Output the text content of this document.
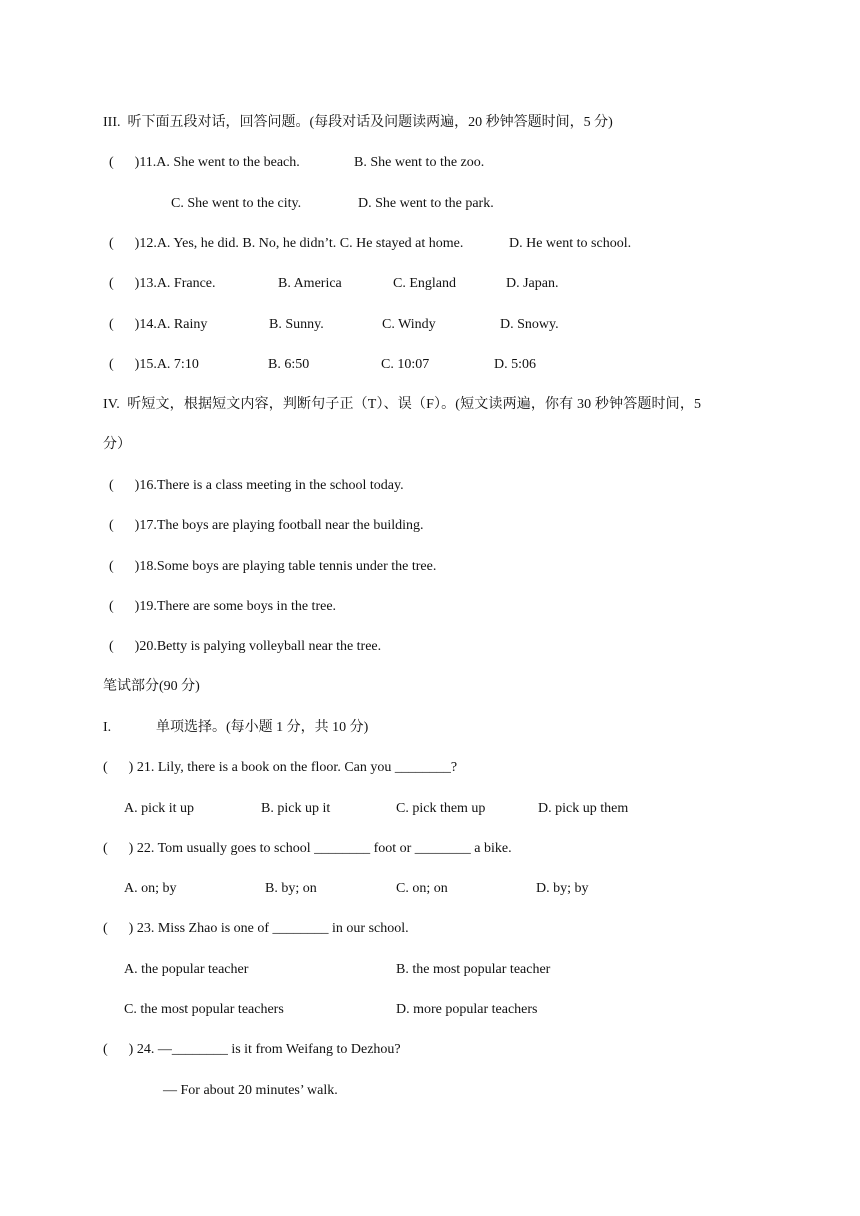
III.  听下面五段对话，回答问题。(每段对话及问题读两遍，20 秒钟答题时间，5 分)
(      )11.A. She went to the beach.	B. She went to the zoo.
C. She went to the city.	D. She went to the park.
(      )12.A. Yes, he did. B. No, he didn’t. C. He stayed at home.	D. He went to school.
(      )13.A. France.	B. America	C. England	D. Japan.
(      )14.A. Rainy	B. Sunny.	C. Windy	D. Snowy.
(      )15.A. 7:10	B. 6:50	C. 10:07	D. 5:06
IV.  听短文，根据短文内容，判断句子正（T）、误（F）。(短文读两遍，你有 30 秒钟答题时间，5
分）
(      )16.There is a class meeting in the school today.
(      )17.The boys are playing football near the building.
(      )18.Some boys are playing table tennis under the tree.
(      )19.There are some boys in the tree.
(      )20.Betty is palying volleyball near the tree.
笔试部分(90 分)
I.	单项选择。(每小题 1 分，共 10 分)
(      ) 21. Lily, there is a book on the floor. Can you ________?
A. pick it up	B. pick up it	C. pick them up	D. pick up them
(      ) 22. Tom usually goes to school ________ foot or ________ a bike.
A. on; by	B. by; on	C. on; on	D. by; by
(      ) 23. Miss Zhao is one of ________ in our school.
A. the popular teacher	B. the most popular teacher
C. the most popular teachers	D. more popular teachers
(      ) 24. —________ is it from Weifang to Dezhou?
— For about 20 minutes’ walk.
